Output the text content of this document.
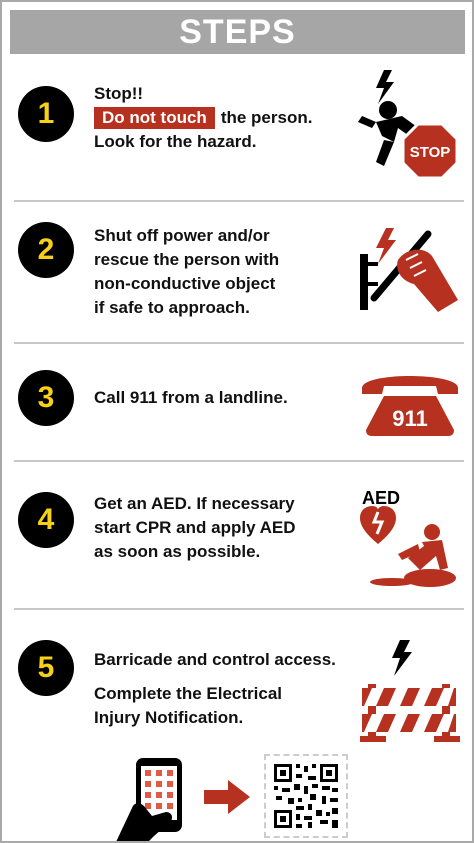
STEPS
1
Stop!!
Do not touch the person.
Look for the hazard.
STOP
2	Shut off power and/or
rescue the person with
non-conductive object
if safe to approach.
3	Call 911 from a landline.
911
4	Get an AED. If necessary
start CPR and apply AED
as soon as possible.
AED
5	Barricade and control access.
Complete the Electrical
Injury Notification.
